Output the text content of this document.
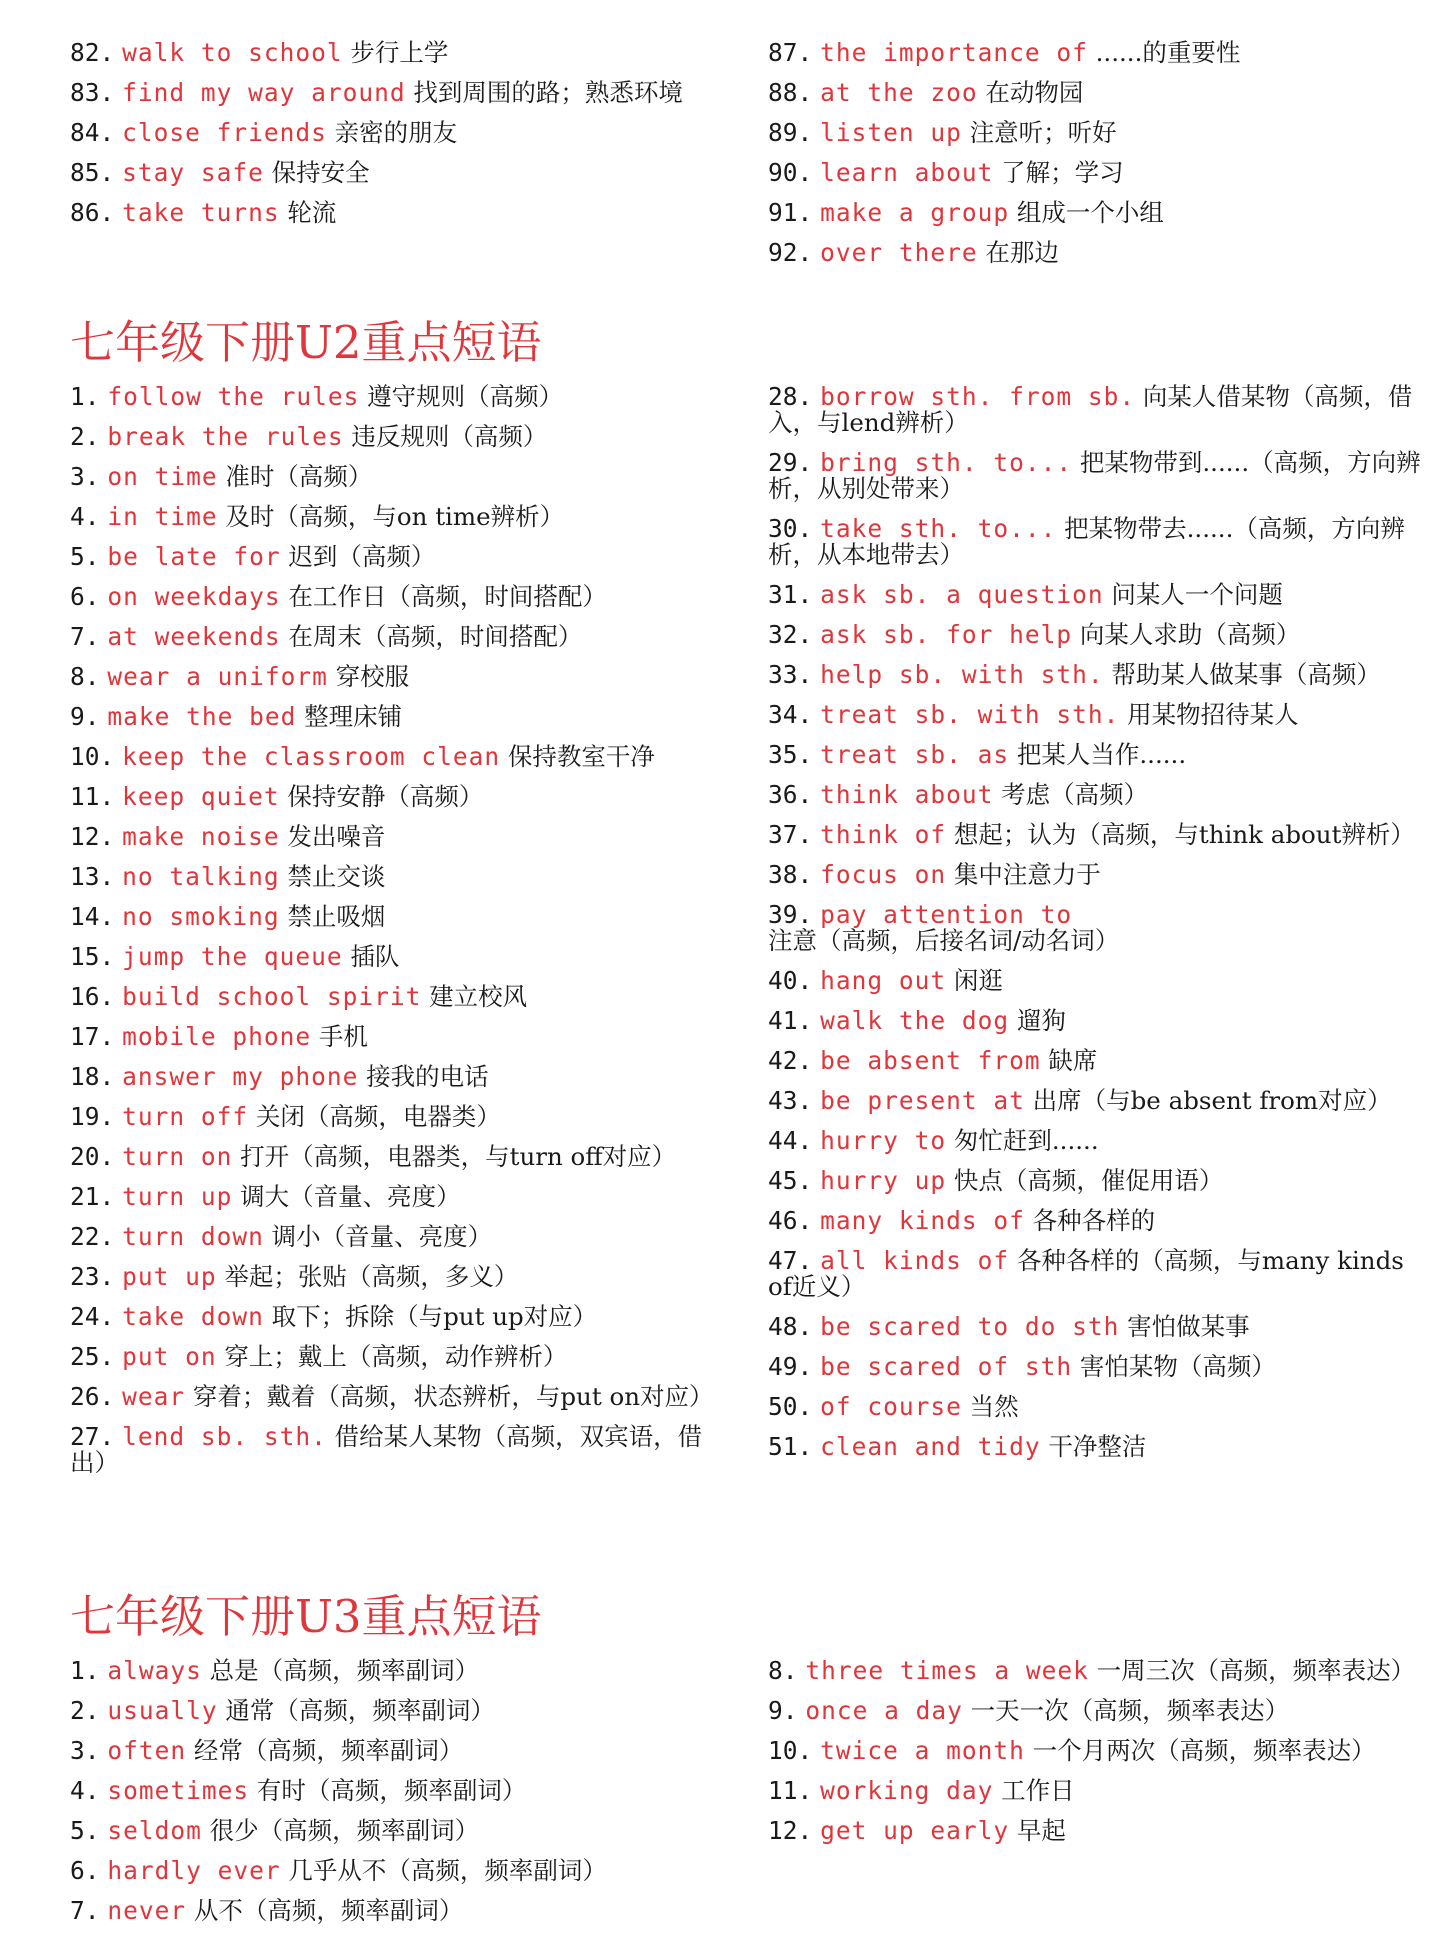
82. walk to school 步行上学

83. find my way around 找到周围的路；熟悉环境

84. close friends 亲密的朋友

85. stay safe 保持安全

86. take turns 轮流

87. the importance of ......的重要性

88. at the zoo 在动物园

89. listen up 注意听；听好

90. learn about 了解；学习

91. make a group 组成一个小组

92. over there 在那边

七年级下册U2重点短语

1. follow the rules 遵守规则（高频）

2. break the rules 违反规则（高频）

3. on time 准时（高频）

4. in time 及时（高频，与on time辨析）

5. be late for 迟到（高频）

6. on weekdays 在工作日（高频，时间搭配）

7. at weekends 在周末（高频，时间搭配）

8. wear a uniform 穿校服

9. make the bed 整理床铺

10. keep the classroom clean 保持教室干净

11. keep quiet 保持安静（高频）

12. make noise 发出噪音

13. no talking 禁止交谈

14. no smoking 禁止吸烟

15. jump the queue 插队

16. build school spirit 建立校风

17. mobile phone 手机

18. answer my phone 接我的电话

19. turn off 关闭（高频，电器类）

20. turn on 打开（高频，电器类，与turn off对应）

21. turn up 调大（音量、亮度）

22. turn down 调小（音量、亮度）

23. put up 举起；张贴（高频，多义）

24. take down 取下；拆除（与put up对应）

25. put on 穿上；戴上（高频，动作辨析）

26. wear 穿着；戴着（高频，状态辨析，与put on对应）

27. lend sb. sth. 借给某人某物（高频，双宾语，借出）

28. borrow sth. from sb. 向某人借某物（高频，借入，与lend辨析）

29. bring sth. to... 把某物带到......（高频，方向辨析，从别处带来）

30. take sth. to... 把某物带去......（高频，方向辨析，从本地带去）

31. ask sb. a question 问某人一个问题

32. ask sb. for help 向某人求助（高频）

33. help sb. with sth. 帮助某人做某事（高频）

34. treat sb. with sth. 用某物招待某人

35. treat sb. as 把某人当作......

36. think about 考虑（高频）

37. think of 想起；认为（高频，与think about辨析）

38. focus on 集中注意力于

39. pay attention to 注意（高频，后接名词/动名词）

40. hang out 闲逛

41. walk the dog 遛狗

42. be absent from 缺席

43. be present at 出席（与be absent from对应）

44. hurry to 匆忙赶到......

45. hurry up 快点（高频，催促用语）

46. many kinds of 各种各样的

47. all kinds of 各种各样的（高频，与many kinds of近义）

48. be scared to do sth 害怕做某事

49. be scared of sth 害怕某物（高频）

50. of course 当然

51. clean and tidy 干净整洁

七年级下册U3重点短语

1. always 总是（高频，频率副词）

2. usually 通常（高频，频率副词）

3. often 经常（高频，频率副词）

4. sometimes 有时（高频，频率副词）

5. seldom 很少（高频，频率副词）

6. hardly ever 几乎从不（高频，频率副词）

7. never 从不（高频，频率副词）

8. three times a week 一周三次（高频，频率表达）

9. once a day 一天一次（高频，频率表达）

10. twice a month 一个月两次（高频，频率表达）

11. working day 工作日

12. get up early 早起
